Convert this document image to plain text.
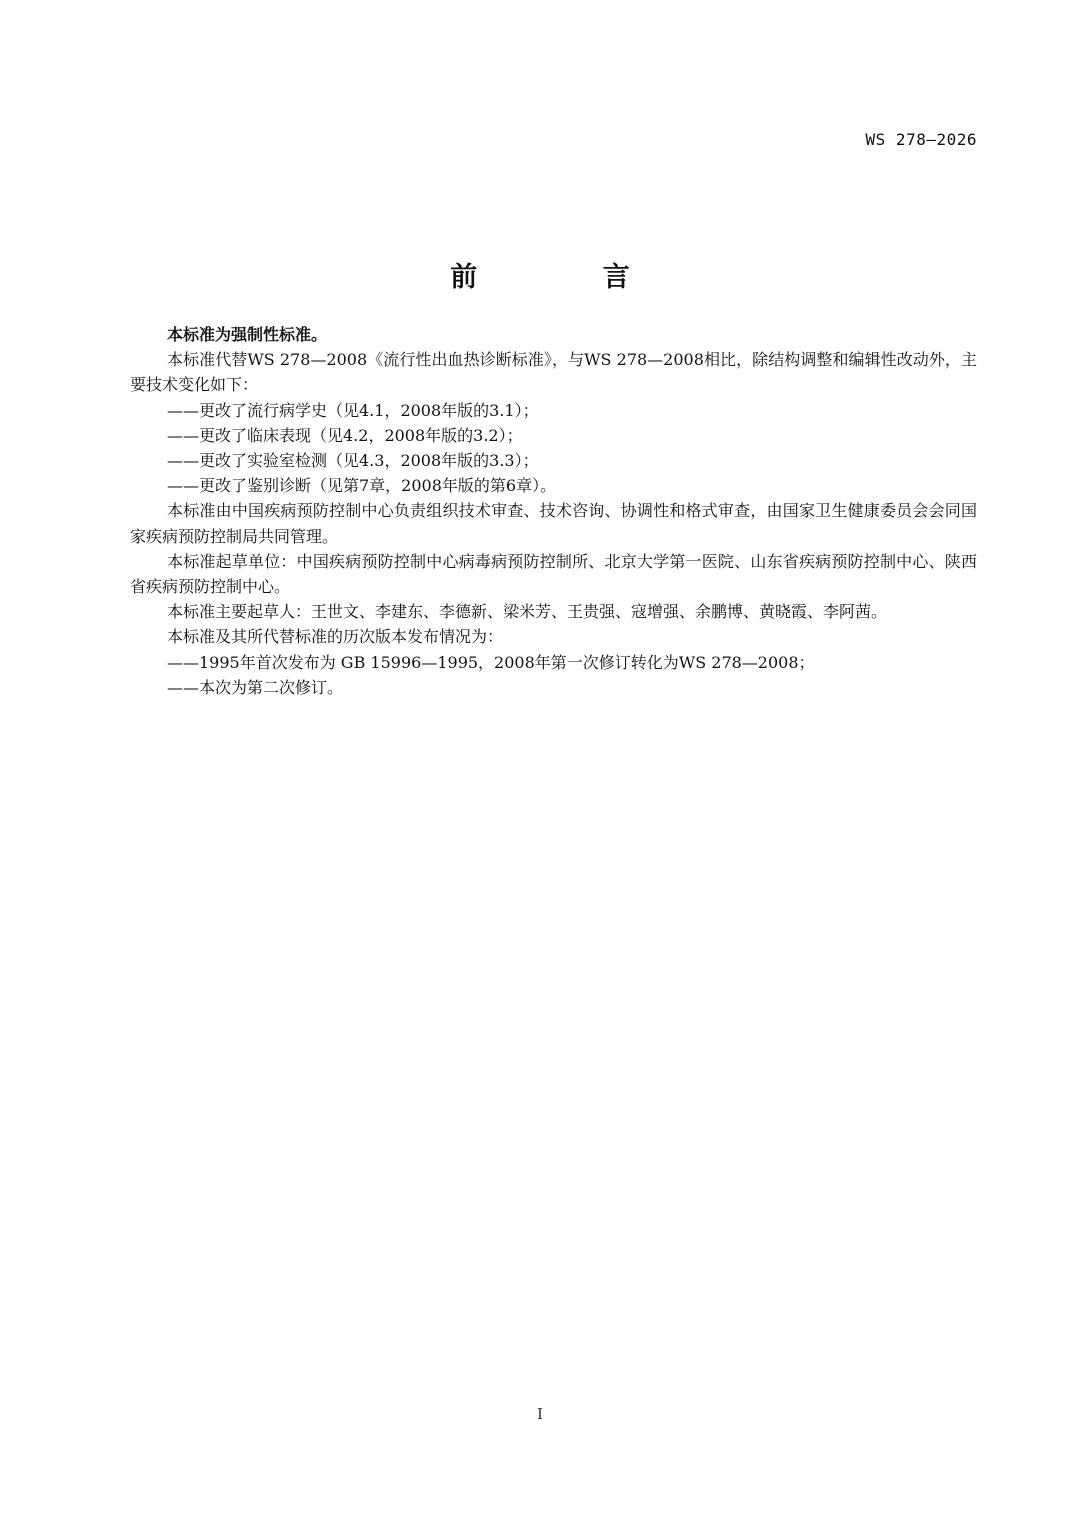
WS 278—2026
前 言

本标准为强制性标准。

本标准代替WS 278—2008《流行性出血热诊断标准》，与WS 278—2008相比，除结构调整和编辑性改动外，主要技术变化如下：

——更改了流行病学史（见4.1，2008年版的3.1）；

——更改了临床表现（见4.2，2008年版的3.2）；

——更改了实验室检测（见4.3，2008年版的3.3）；

——更改了鉴别诊断（见第7章，2008年版的第6章）。

本标准由中国疾病预防控制中心负责组织技术审查、技术咨询、协调性和格式审查，由国家卫生健康委员会会同国家疾病预防控制局共同管理。

本标准起草单位：中国疾病预防控制中心病毒病预防控制所、北京大学第一医院、山东省疾病预防控制中心、陕西省疾病预防控制中心。

本标准主要起草人：王世文、李建东、李德新、梁米芳、王贵强、寇增强、余鹏博、黄晓霞、李阿茜。

本标准及其所代替标准的历次版本发布情况为：

——1995年首次发布为 GB 15996—1995，2008年第一次修订转化为WS 278—2008；

——本次为第二次修订。

I
